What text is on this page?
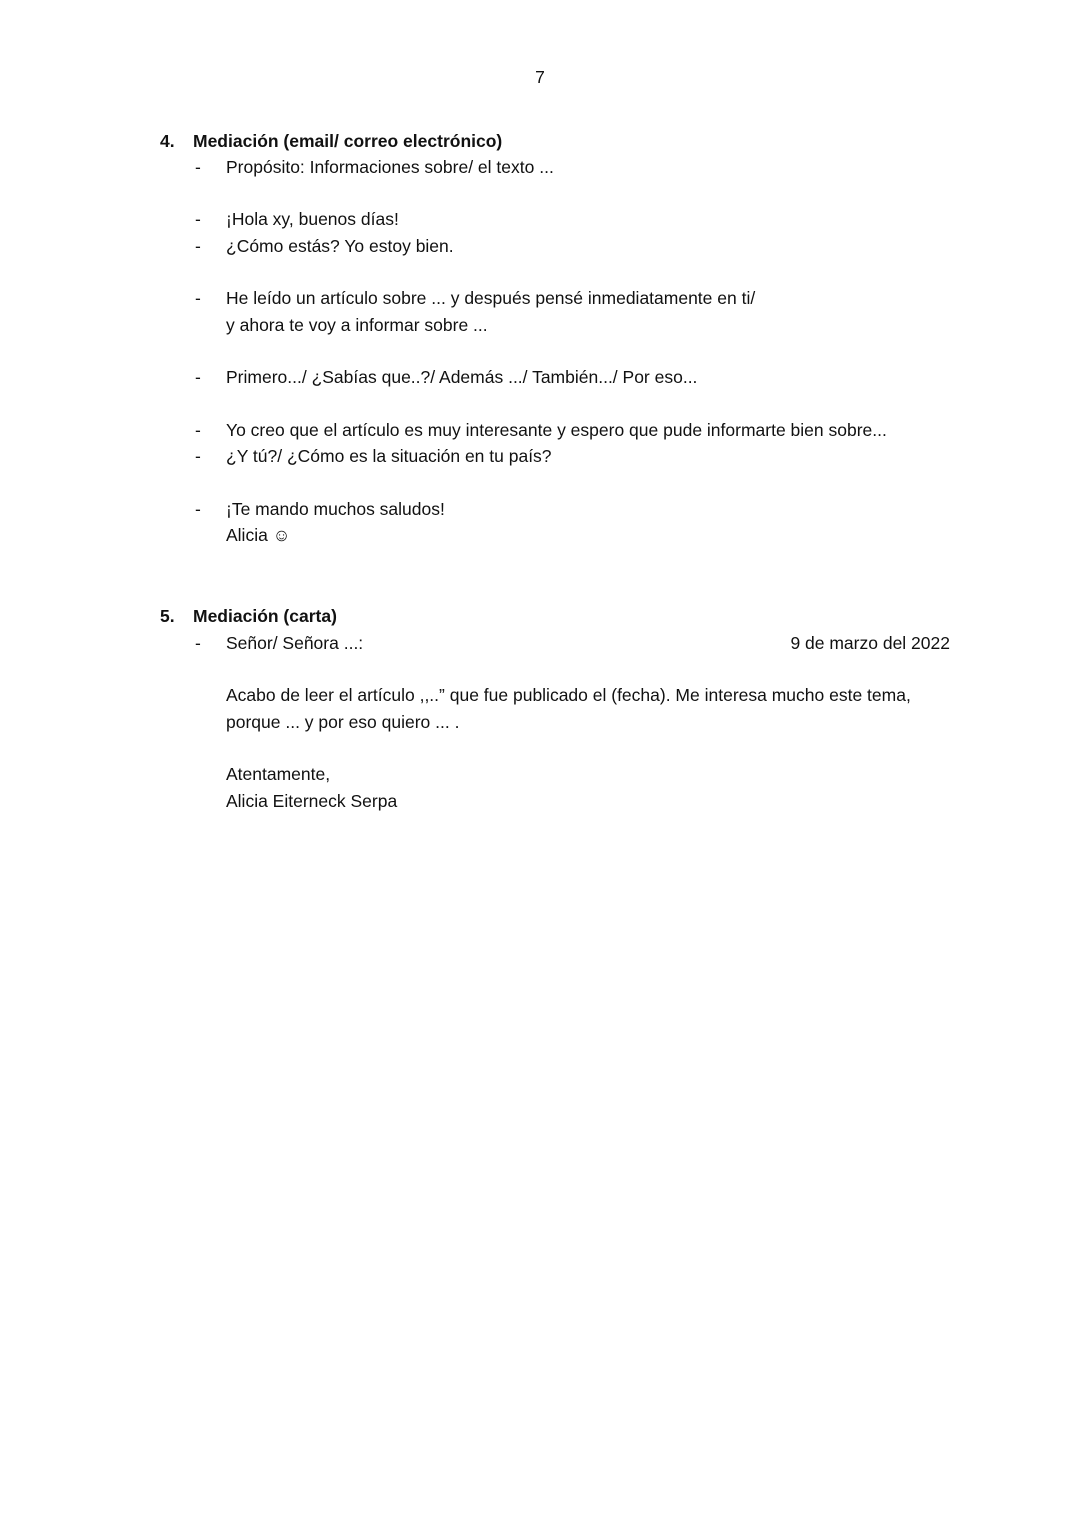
7
4. Mediación (email/ correo electrónico)
- Propósito: Informaciones sobre/ el texto ...
- ¡Hola xy, buenos días!
- ¿Cómo estás? Yo estoy bien.
- He leído un artículo sobre ... y después pensé inmediatamente en ti/
y ahora te voy a informar sobre ...
- Primero.../ ¿Sabías que..?/ Además .../ También.../ Por eso...
- Yo creo que el artículo es muy interesante y espero que pude informarte bien sobre...
- ¿Y tú?/ ¿Cómo es la situación en tu país?
- ¡Te mando muchos saludos!
Alicia ☺
5. Mediación (carta)
- Señor/ Señora ...:	9 de marzo del 2022
Acabo de leer el artículo ,,..” que fue publicado el (fecha). Me interesa mucho este tema,
porque ... y por eso quiero ... .
Atentamente,
Alicia Eiterneck Serpa
